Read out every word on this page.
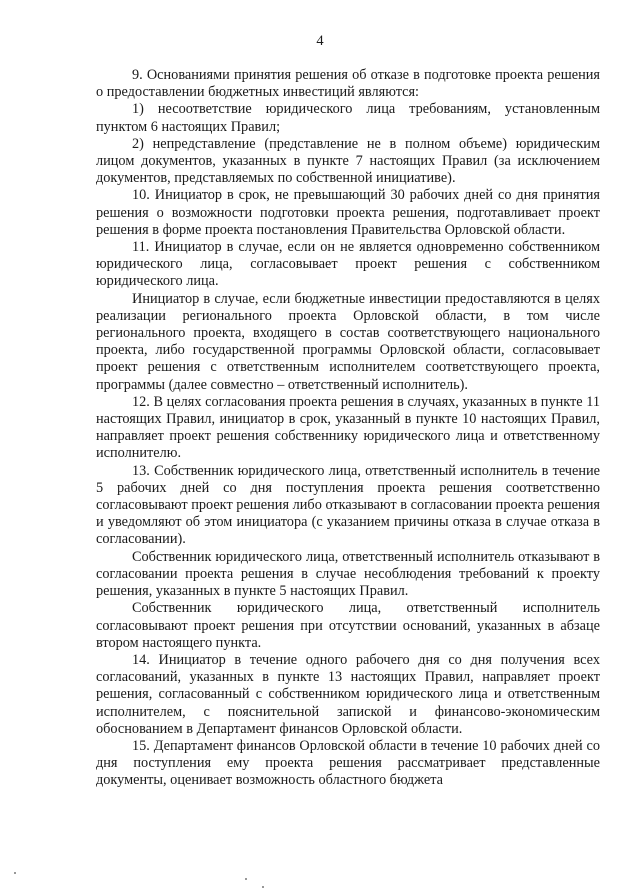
4

9. Основаниями принятия решения об отказе в подготовке проекта решения о предоставлении бюджетных инвестиций являются:

1) несоответствие юридического лица требованиям, установленным пунктом 6 настоящих Правил;

2) непредставление (представление не в полном объеме) юридическим лицом документов, указанных в пункте 7 настоящих Правил (за исключением документов, представляемых по собственной инициативе).

10. Инициатор в срок, не превышающий 30 рабочих дней со дня принятия решения о возможности подготовки проекта решения, подготавливает проект решения в форме проекта постановления Правительства Орловской области.

11. Инициатор в случае, если он не является одновременно собственником юридического лица, согласовывает проект решения с собственником юридического лица.

Инициатор в случае, если бюджетные инвестиции предоставляются в целях реализации регионального проекта Орловской области, в том числе регионального проекта, входящего в состав соответствующего национального проекта, либо государственной программы Орловской области, согласовывает проект решения с ответственным исполнителем соответствующего проекта, программы (далее совместно – ответственный исполнитель).

12. В целях согласования проекта решения в случаях, указанных в пункте 11 настоящих Правил, инициатор в срок, указанный в пункте 10 настоящих Правил, направляет проект решения собственнику юридического лица и ответственному исполнителю.

13. Собственник юридического лица, ответственный исполнитель в течение 5 рабочих дней со дня поступления проекта решения соответственно согласовывают проект решения либо отказывают в согласовании проекта решения и уведомляют об этом инициатора (с указанием причины отказа в случае отказа в согласовании).

Собственник юридического лица, ответственный исполнитель отказывают в согласовании проекта решения в случае несоблюдения требований к проекту решения, указанных в пункте 5 настоящих Правил.

Собственник юридического лица, ответственный исполнитель согласовывают проект решения при отсутствии оснований, указанных в абзаце втором настоящего пункта.

14. Инициатор в течение одного рабочего дня со дня получения всех согласований, указанных в пункте 13 настоящих Правил, направляет проект решения, согласованный с собственником юридического лица и ответственным исполнителем, с пояснительной запиской и финансово-экономическим обоснованием в Департамент финансов Орловской области.

15. Департамент финансов Орловской области в течение 10 рабочих дней со дня поступления ему проекта решения рассматривает представленные документы, оценивает возможность областного бюджета
